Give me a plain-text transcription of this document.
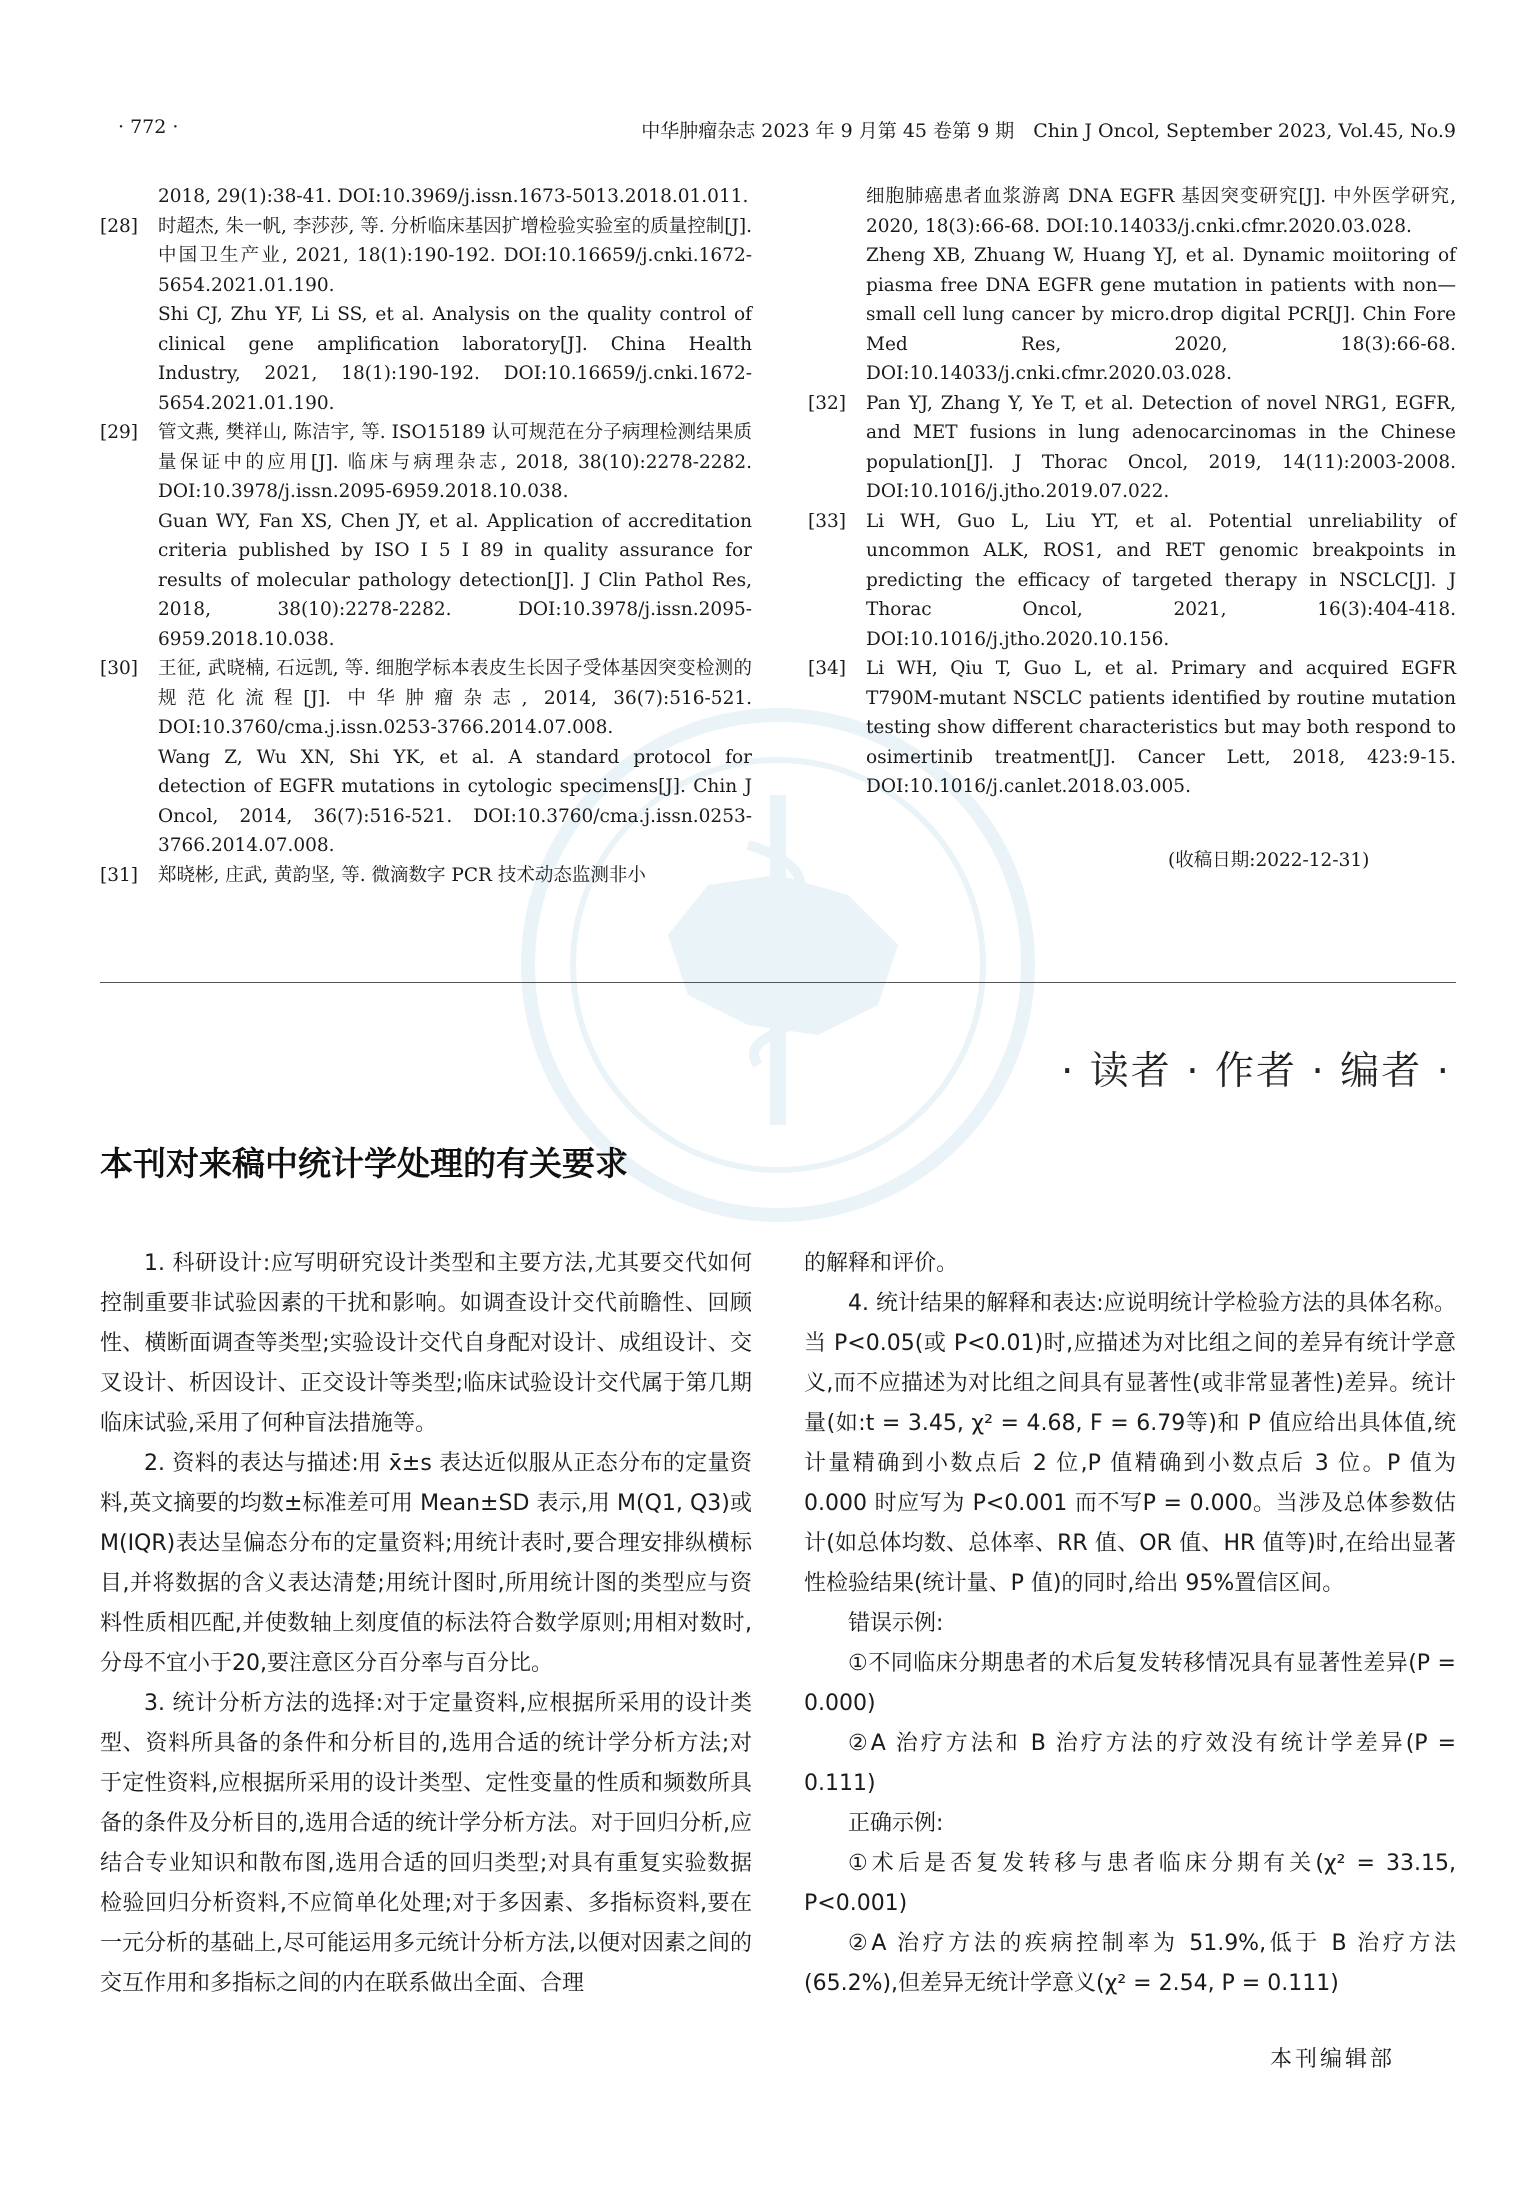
· 772 ·	中华肿瘤杂志 2023 年 9 月第 45 卷第 9 期　Chin J Oncol, September 2023, Vol.45, No.9

2018, 29(1):38-41. DOI:10.3969/j.issn.1673-5013.2018.01.011.

[28]	时超杰, 朱一帆, 李莎莎, 等. 分析临床基因扩增检验实验室的质量控制[J]. 中国卫生产业, 2021, 18(1):190-192. DOI:10.16659/j.cnki.1672-5654.2021.01.190.

Shi CJ, Zhu YF, Li SS, et al. Analysis on the quality control of clinical gene amplification laboratory[J]. China Health Industry, 2021, 18(1):190-192. DOI:10.16659/j.cnki.1672-5654.2021.01.190.

[29]	管文燕, 樊祥山, 陈洁宇, 等. ISO15189 认可规范在分子病理检测结果质量保证中的应用[J]. 临床与病理杂志, 2018, 38(10):2278-2282. DOI:10.3978/j.issn.2095-6959.2018.10.038.

Guan WY, Fan XS, Chen JY, et al. Application of accreditation criteria published by ISO I 5 I 89 in quality assurance for results of molecular pathology detection[J]. J Clin Pathol Res, 2018, 38(10):2278-2282. DOI:10.3978/j.issn.2095-6959.2018.10.038.

[30]	王征, 武晓楠, 石远凯, 等. 细胞学标本表皮生长因子受体基因突变检测的规范化流程[J]. 中华肿瘤杂志, 2014, 36(7):516-521. DOI:10.3760/cma.j.issn.0253-3766.2014.07.008.

Wang Z, Wu XN, Shi YK, et al. A standard protocol for detection of EGFR mutations in cytologic specimens[J]. Chin J Oncol, 2014, 36(7):516-521. DOI:10.3760/cma.j.issn.0253-3766.2014.07.008.

[31]	郑晓彬, 庄武, 黄韵坚, 等. 微滴数字 PCR 技术动态监测非小

细胞肺癌患者血浆游离 DNA EGFR 基因突变研究[J]. 中外医学研究, 2020, 18(3):66-68. DOI:10.14033/j.cnki.cfmr.2020.03.028.

Zheng XB, Zhuang W, Huang YJ, et al. Dynamic moiitoring of piasma free DNA EGFR gene mutation in patients with non—small cell lung cancer by micro.drop digital PCR[J]. Chin Fore Med Res, 2020, 18(3):66-68. DOI:10.14033/j.cnki.cfmr.2020.03.028.

[32]	Pan YJ, Zhang Y, Ye T, et al. Detection of novel NRG1, EGFR, and MET fusions in lung adenocarcinomas in the Chinese population[J]. J Thorac Oncol, 2019, 14(11):2003-2008. DOI:10.1016/j.jtho.2019.07.022.

[33]	Li WH, Guo L, Liu YT, et al. Potential unreliability of uncommon ALK, ROS1, and RET genomic breakpoints in predicting the efficacy of targeted therapy in NSCLC[J]. J Thorac Oncol, 2021, 16(3):404-418. DOI:10.1016/j.jtho.2020.10.156.

[34]	Li WH, Qiu T, Guo L, et al. Primary and acquired EGFR T790M-mutant NSCLC patients identified by routine mutation testing show different characteristics but may both respond to osimertinib treatment[J]. Cancer Lett, 2018, 423:9-15. DOI:10.1016/j.canlet.2018.03.005.

(收稿日期:2022-12-31)
· 读者 · 作者 · 编者 ·
本刊对来稿中统计学处理的有关要求

1. 科研设计:应写明研究设计类型和主要方法,尤其要交代如何控制重要非试验因素的干扰和影响。如调查设计交代前瞻性、回顾性、横断面调查等类型;实验设计交代自身配对设计、成组设计、交叉设计、析因设计、正交设计等类型;临床试验设计交代属于第几期临床试验,采用了何种盲法措施等。

2. 资料的表达与描述:用 x̄±s 表达近似服从正态分布的定量资料,英文摘要的均数±标准差可用 Mean±SD 表示,用 M(Q1, Q3)或 M(IQR)表达呈偏态分布的定量资料;用统计表时,要合理安排纵横标目,并将数据的含义表达清楚;用统计图时,所用统计图的类型应与资料性质相匹配,并使数轴上刻度值的标法符合数学原则;用相对数时,分母不宜小于20,要注意区分百分率与百分比。

3. 统计分析方法的选择:对于定量资料,应根据所采用的设计类型、资料所具备的条件和分析目的,选用合适的统计学分析方法;对于定性资料,应根据所采用的设计类型、定性变量的性质和频数所具备的条件及分析目的,选用合适的统计学分析方法。对于回归分析,应结合专业知识和散布图,选用合适的回归类型;对具有重复实验数据检验回归分析资料,不应简单化处理;对于多因素、多指标资料,要在一元分析的基础上,尽可能运用多元统计分析方法,以便对因素之间的交互作用和多指标之间的内在联系做出全面、合理

的解释和评价。

4. 统计结果的解释和表达:应说明统计学检验方法的具体名称。当 P<0.05(或 P<0.01)时,应描述为对比组之间的差异有统计学意义,而不应描述为对比组之间具有显著性(或非常显著性)差异。统计量(如:t = 3.45, χ² = 4.68, F = 6.79等)和 P 值应给出具体值,统计量精确到小数点后 2 位,P 值精确到小数点后 3 位。P 值为 0.000 时应写为 P<0.001 而不写P = 0.000。当涉及总体参数估计(如总体均数、总体率、RR 值、OR 值、HR 值等)时,在给出显著性检验结果(统计量、P 值)的同时,给出 95%置信区间。

错误示例:

①不同临床分期患者的术后复发转移情况具有显著性差异(P = 0.000)

②A 治疗方法和 B 治疗方法的疗效没有统计学差异(P = 0.111)

正确示例:

①术后是否复发转移与患者临床分期有关(χ² = 33.15, P<0.001)

②A 治疗方法的疾病控制率为 51.9%,低于 B 治疗方法(65.2%),但差异无统计学意义(χ² = 2.54, P = 0.111)

本刊编辑部
